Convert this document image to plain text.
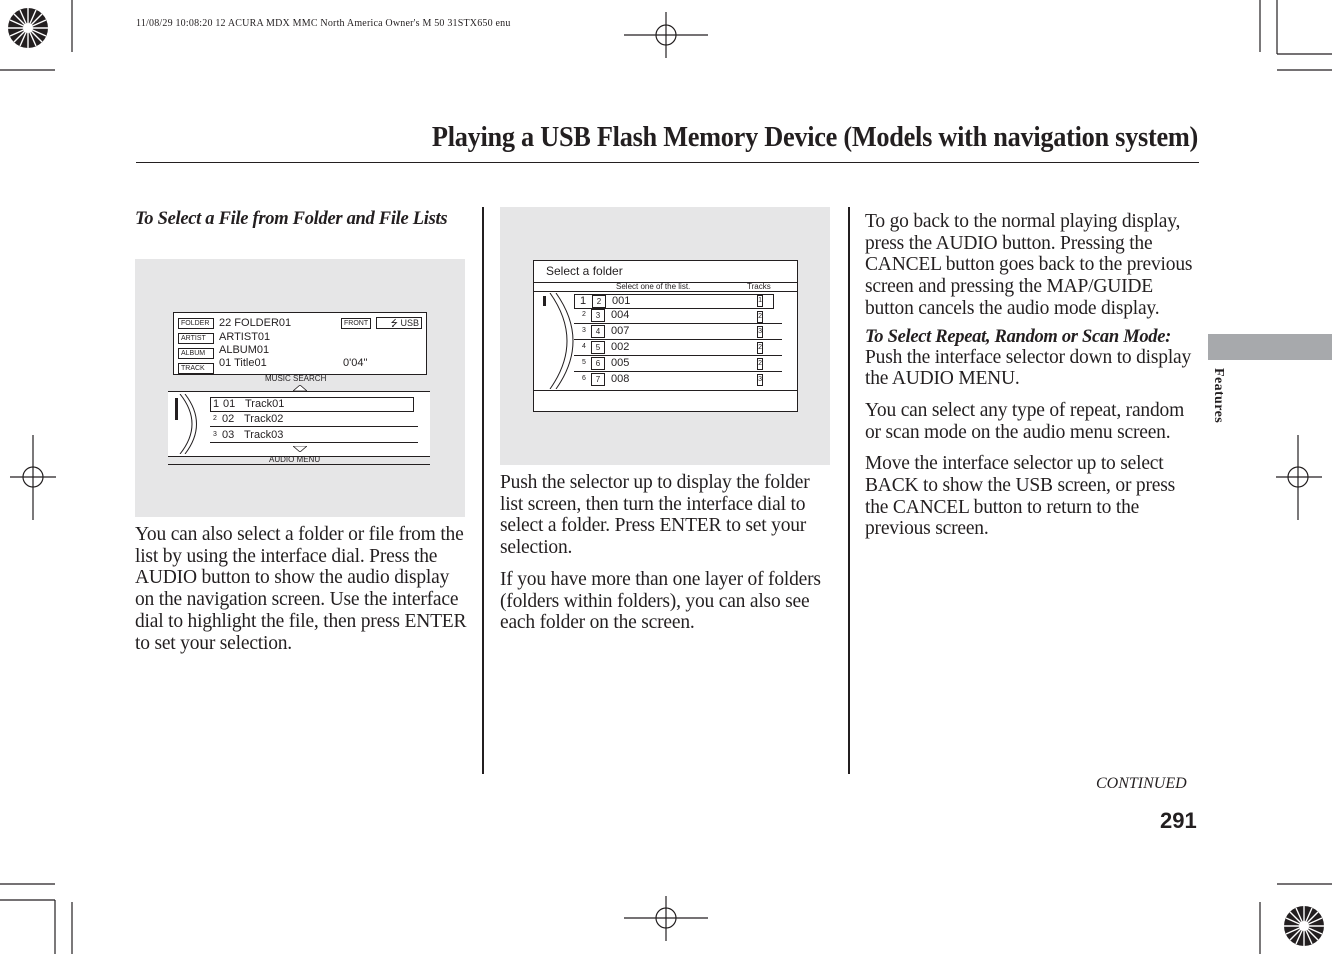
11/08/29 10:08:20 12 ACURA MDX MMC North America Owner's M 50 31STX650 enu
Playing a USB Flash Memory Device (Models with navigation system)
Features
To Select a File from Folder and File Lists
FOLDER
ARTIST
ALBUM
TRACK
22 FOLDER01
ARTIST01
ALBUM01
01 Title01
FRONT	⭍ USB
0'04"
MUSIC SEARCH
1 01 Track01
2 02 Track02
3 03 Track03
AUDIO MENU

You can also select a folder or file from the list by using the interface dial. Press the AUDIO button to show the audio display on the navigation screen. Use the interface dial to highlight the file, then press ENTER to set your selection.

Select a folder
Select one of the list.	Tracks
1	2 001	1
2	3 004	2
3	4 007	3
4	5 002	2
5	6 005	2
6	7 008	3

Push the selector up to display the folder list screen, then turn the interface dial to select a folder. Press ENTER to set your selection.

If you have more than one layer of folders (folders within folders), you can also see each folder on the screen.

To go back to the normal playing display, press the AUDIO button. Pressing the CANCEL button goes back to the previous screen and pressing the MAP/GUIDE button cancels the audio mode display.

To Select Repeat, Random or Scan Mode:

Push the interface selector down to display the AUDIO MENU.

You can select any type of repeat, random or scan mode on the audio menu screen.

Move the interface selector up to select BACK to show the USB screen, or press the CANCEL button to return to the previous screen.

CONTINUED
291
